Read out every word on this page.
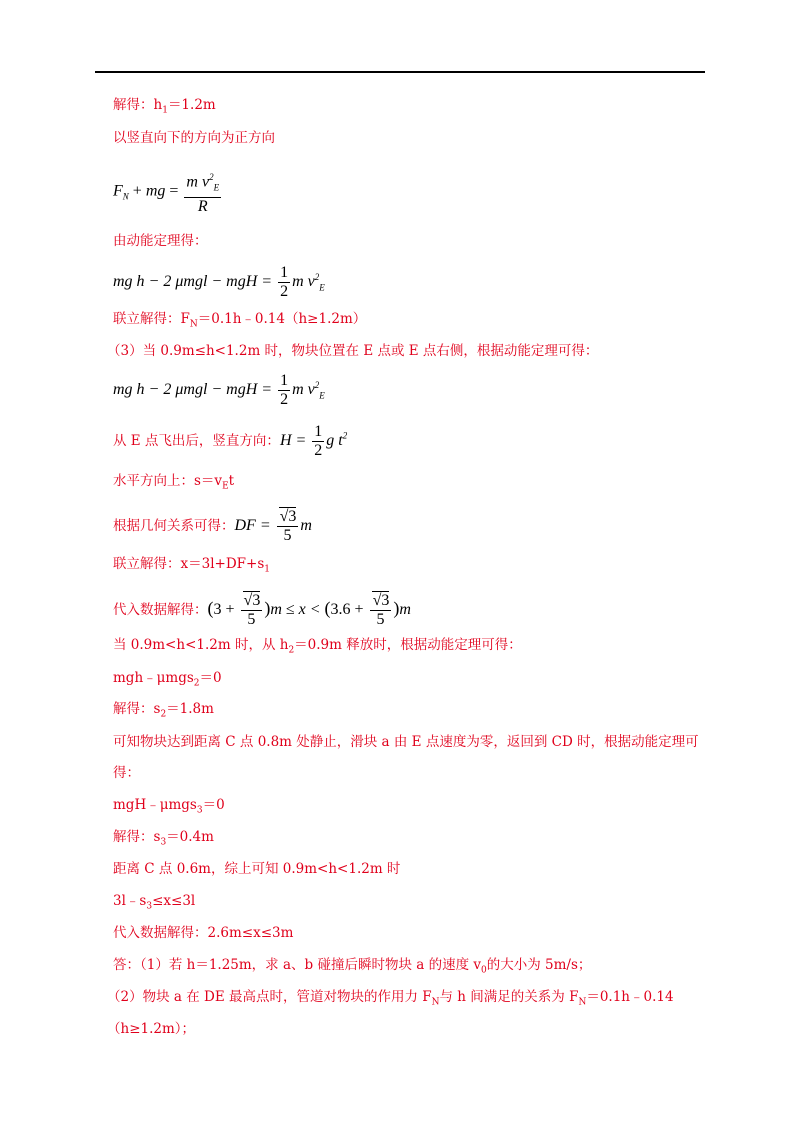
解得：$h_1=1.2m$
以竖直向下的方向为正方向
$F_N$ + mg = $\frac{m v^2_E}{R}$
由动能定理得：
mg h − 2 μmgl − mgH = $\frac{1}{2}$ m $v^2_E$
联立解得：$F_N=0.1h﹣0.14(h\ge 1.2m)$
（3）当 0.9m≤h<1.2m 时，物块位置在 E 点或 E 点右侧，根据动能定理可得：
mg h − 2 μmgl − mgH = $\frac{1}{2}$ m $v^2_E$
从 E 点飞出后，竖直方向：$H = \frac{1}{2}$ g $t^2$
水平方向上：$s=v_Et$
根据几何关系可得：DF = $\frac{√3}{5}$ m
联立解得：$x=3l+DF+s_1$
代入数据解得：$(3 + \frac{√3}{5} )m \le x < (3.6 + \frac{√3}{5} )m$
当 0.9m<h<1.2m 时，从 $h_2=0.9m$ 释放时，根据动能定理可得：
mgh﹣μmgs$_2$＝0
解得：$s_2=1.8m$
可知物块达到距离 C 点 0.8m 处静止，滑块 a 由 E 点速度为零，返回到 CD 时，根据动能定理可
得：
mgH﹣μmgs$_3$＝0
解得：$s_3=0.4m$
距离 C 点 0.6m，综上可知 0.9m<h<1.2m 时
$3l﹣s_3\le x\le 3l$
代入数据解得：2.6m≤x≤3m
答：（1）若 h＝1.25m，求 a、b 碰撞后瞬时物块 a 的速度 $v_0$的大小为 5m/s；
（2）物块 a 在 DE 最高点时，管道对物块的作用力 $F_N$与 h 间满足的关系为 $F_N=0.1h﹣0.14$
（h≥1.2m）；
